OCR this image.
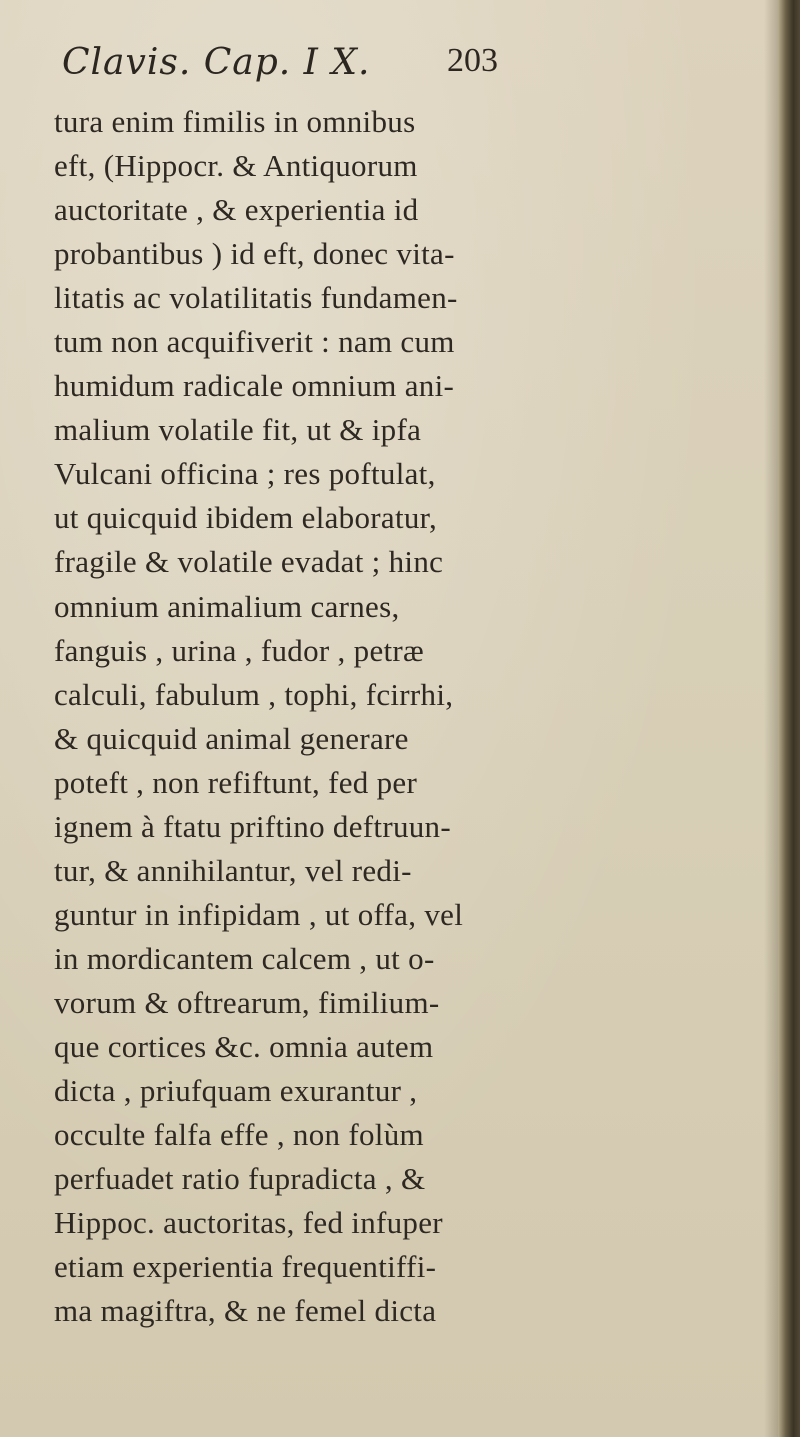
Clavis. Cap. I X. 203
tura enim fimilis in omnibus
eft, (Hippocr. & Antiquorum
auctoritate , & experientia id
probantibus ) id eft, donec vita-
litatis ac volatilitatis fundamen-
tum non acquifiverit : nam cum
humidum radicale omnium ani-
malium volatile fit, ut & ipfa
Vulcani officina ; res poftulat,
ut quicquid ibidem elaboratur,
fragile & volatile evadat ; hinc
omnium animalium carnes,
fanguis , urina , fudor , petræ
calculi, fabulum , tophi, fcirrhi,
& quicquid animal generare
poteft , non refiftunt, fed per
ignem à ftatu priftino deftruun-
tur, & annihilantur, vel redi-
guntur in infipidam , ut offa, vel
in mordicantem calcem , ut o-
vorum & oftrearum, fimilium-
que cortices &c. omnia autem
dicta , priufquam exurantur ,
occulte falfa effe , non folùm
perfuadet ratio fupradicta , &
Hippoc. auctoritas, fed infuper
etiam experientia frequentiffi-
ma magiftra, & ne femel dicta
